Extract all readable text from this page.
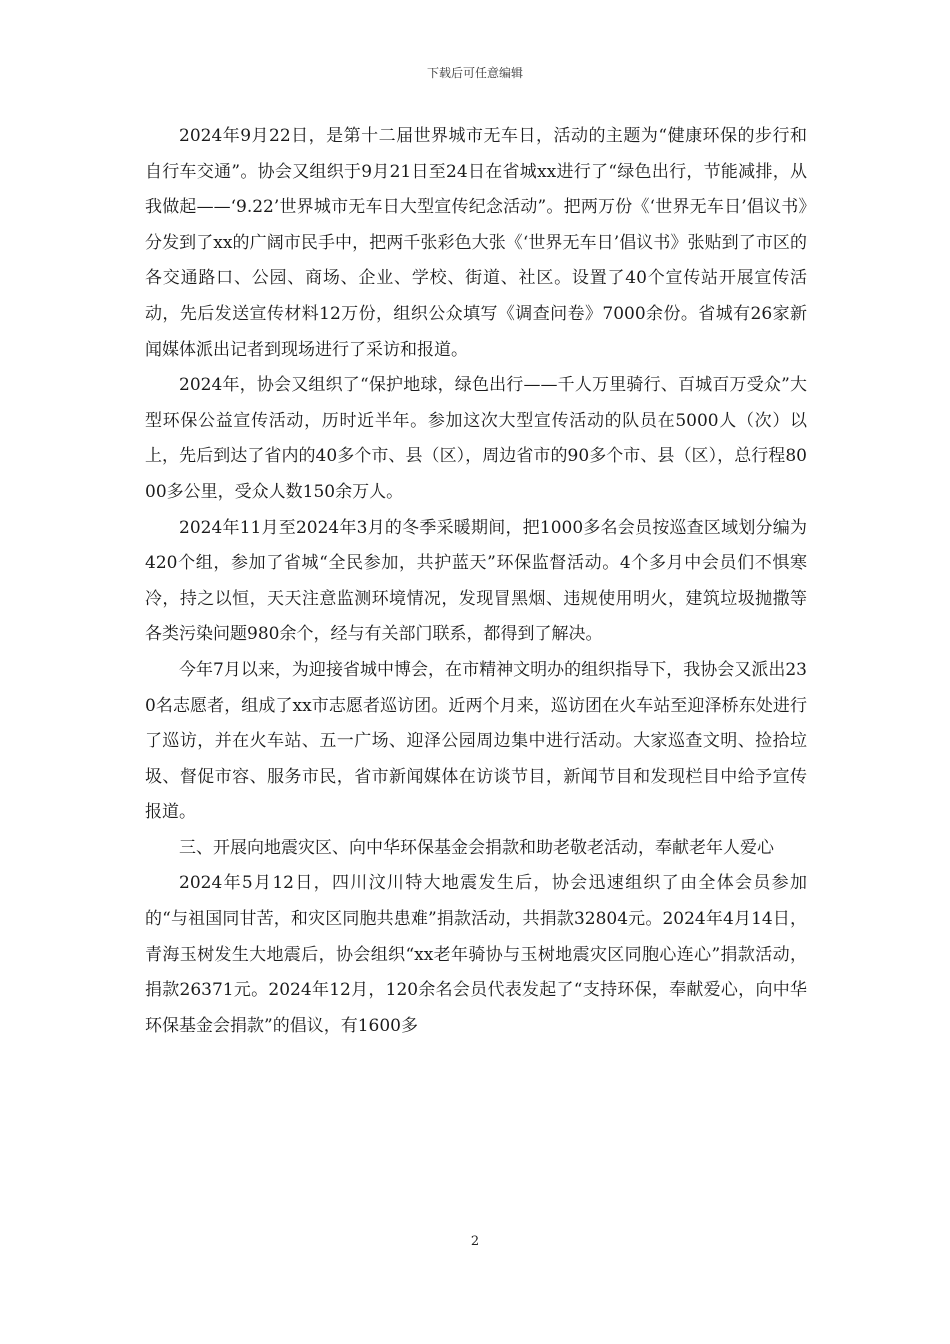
下载后可任意编辑

2024年9月22日，是第十二届世界城市无车日，活动的主题为“健康环保的步行和自行车交通”。协会又组织于9月21日至24日在省城xx进行了“绿色出行，节能减排，从我做起——‘9.22’世界城市无车日大型宣传纪念活动”。把两万份《‘世界无车日’倡议书》分发到了xx的广阔市民手中，把两千张彩色大张《‘世界无车日’倡议书》张贴到了市区的各交通路口、公园、商场、企业、学校、街道、社区。设置了40个宣传站开展宣传活动，先后发送宣传材料12万份，组织公众填写《调查问卷》7000余份。省城有26家新闻媒体派出记者到现场进行了采访和报道。

2024年，协会又组织了“保护地球，绿色出行——千人万里骑行、百城百万受众”大型环保公益宣传活动，历时近半年。参加这次大型宣传活动的队员在5000人（次）以上，先后到达了省内的40多个市、县（区），周边省市的90多个市、县（区），总行程8000多公里，受众人数150余万人。

2024年11月至2024年3月的冬季采暖期间，把1000多名会员按巡查区域划分编为420个组，参加了省城“全民参加，共护蓝天”环保监督活动。4个多月中会员们不惧寒冷，持之以恒，天天注意监测环境情况，发现冒黑烟、违规使用明火，建筑垃圾抛撒等各类污染问题980余个，经与有关部门联系，都得到了解决。

今年7月以来，为迎接省城中博会，在市精神文明办的组织指导下，我协会又派出230名志愿者，组成了xx市志愿者巡访团。近两个月来，巡访团在火车站至迎泽桥东处进行了巡访，并在火车站、五一广场、迎泽公园周边集中进行活动。大家巡查文明、捡拾垃圾、督促市容、服务市民，省市新闻媒体在访谈节目，新闻节目和发现栏目中给予宣传报道。

三、开展向地震灾区、向中华环保基金会捐款和助老敬老活动，奉献老年人爱心

2024年5月12日，四川汶川特大地震发生后，协会迅速组织了由全体会员参加的“与祖国同甘苦，和灾区同胞共患难”捐款活动，共捐款32804元。2024年4月14日，青海玉树发生大地震后，协会组织“xx老年骑协与玉树地震灾区同胞心连心”捐款活动，捐款26371元。2024年12月，120余名会员代表发起了“支持环保，奉献爱心，向中华环保基金会捐款”的倡议，有1600多

2
